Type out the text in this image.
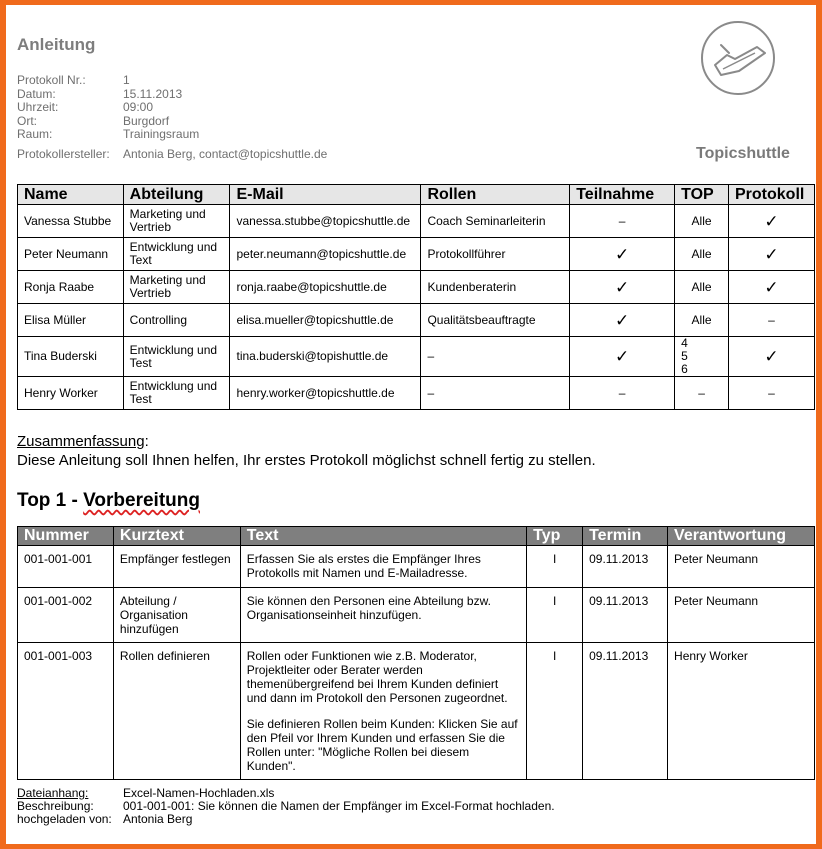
Anleitung
Protokoll Nr.:	1
Datum:	15.11.2013
Uhrzeit:	09:00
Ort:	Burgdorf
Raum:	Trainingsraum
Protokollersteller:	Antonia Berg, contact@topicshuttle.de	Topicshuttle
Name	Abteilung	E-Mail	Rollen	Teilnahme	TOP	Protokoll
Vanessa Stubbe	Marketing und Vertrieb	vanessa.stubbe@topicshuttle.de	Coach Seminarleiterin	–	Alle	✓
Peter Neumann	Entwicklung und Text	peter.neumann@topicshuttle.de	Protokollführer	✓	Alle	✓
Ronja Raabe	Marketing und Vertrieb	ronja.raabe@topicshuttle.de	Kundenberaterin	✓	Alle	✓
Elisa Müller	Controlling	elisa.mueller@topicshuttle.de	Qualitätsbeauftragte	✓	Alle	–
Tina Buderski	Entwicklung und Test	tina.buderski@topishuttle.de	–	✓	4
5
6	✓
Henry Worker	Entwicklung und Test	henry.worker@topicshuttle.de	–	–	–	–
Zusammenfassung:
Diese Anleitung soll Ihnen helfen, Ihr erstes Protokoll möglichst schnell fertig zu stellen.
Top 1 - Vorbereitung
Nummer	Kurztext	Text	Typ	Termin	Verantwortung
001-001-001	Empfänger festlegen	Erfassen Sie als erstes die Empfänger Ihres Protokolls mit Namen und E-Mailadresse.	I	09.11.2013	Peter Neumann
001-001-002	Abteilung / Organisation hinzufügen	Sie können den Personen eine Abteilung bzw. Organisationseinheit hinzufügen.	I	09.11.2013	Peter Neumann
001-001-003	Rollen definieren	Rollen oder Funktionen wie z.B. Moderator, Projektleiter oder Berater werden themenübergreifend bei Ihrem Kunden definiert und dann im Protokoll den Personen zugeordnet.

Sie definieren Rollen beim Kunden: Klicken Sie auf den Pfeil vor Ihrem Kunden und erfassen Sie die Rollen unter: "Mögliche Rollen bei diesem Kunden".	I	09.11.2013	Henry Worker
Dateianhang:	Excel-Namen-Hochladen.xls
Beschreibung:	001-001-001: Sie können die Namen der Empfänger im Excel-Format hochladen.
hochgeladen von: Antonia Berg
